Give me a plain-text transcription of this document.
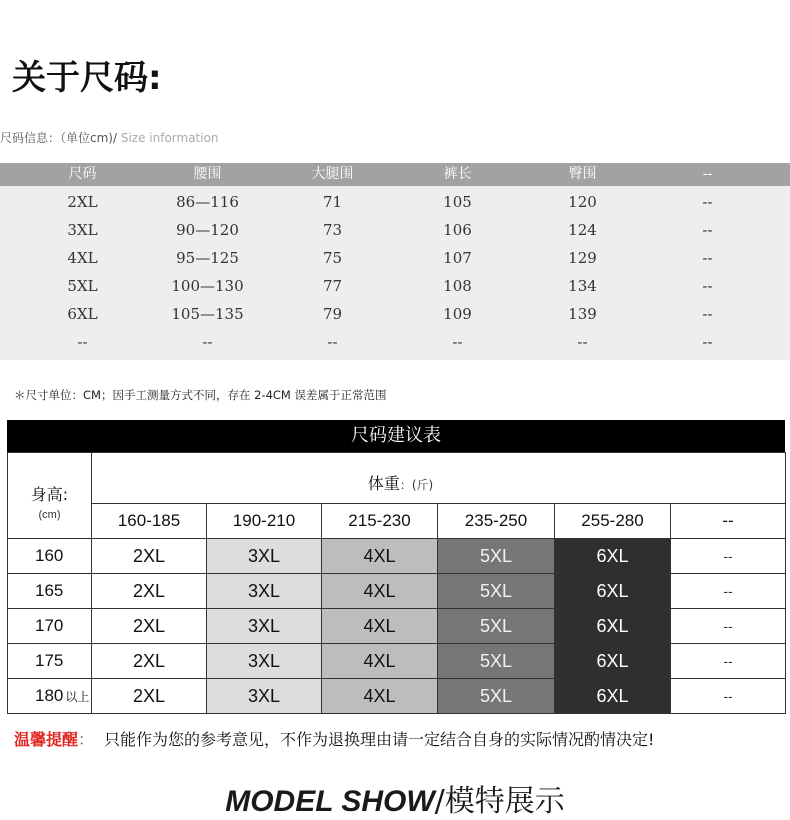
关于尺码:
尺码信息：（单位cm)/ Size information
尺码	腰围	大腿围	裤长	臀围	--
2XL	86—116	71	105	120	--
3XL	90—120	73	106	124	--
4XL	95—125	75	107	129	--
5XL	100—130	77	108	134	--
6XL	105—135	79	109	139	--
--	--	--	--	--	--
＊尺寸单位：CM；因手工测量方式不同，存在 2-4CM 误差属于正常范围
尺码建议表
身高:
(cm)	体重：(斤)					
	160-185	190-210	215-230	235-250	255-280	--
160	2XL	3XL	4XL	5XL	6XL	--
165	2XL	3XL	4XL	5XL	6XL	--
170	2XL	3XL	4XL	5XL	6XL	--
175	2XL	3XL	4XL	5XL	6XL	--
180 以上	2XL	3XL	4XL	5XL	6XL	--
温馨提醒： 只能作为您的参考意见，不作为退换理由请一定结合自身的实际情况酌情决定!
MODEL SHOW/模特展示
